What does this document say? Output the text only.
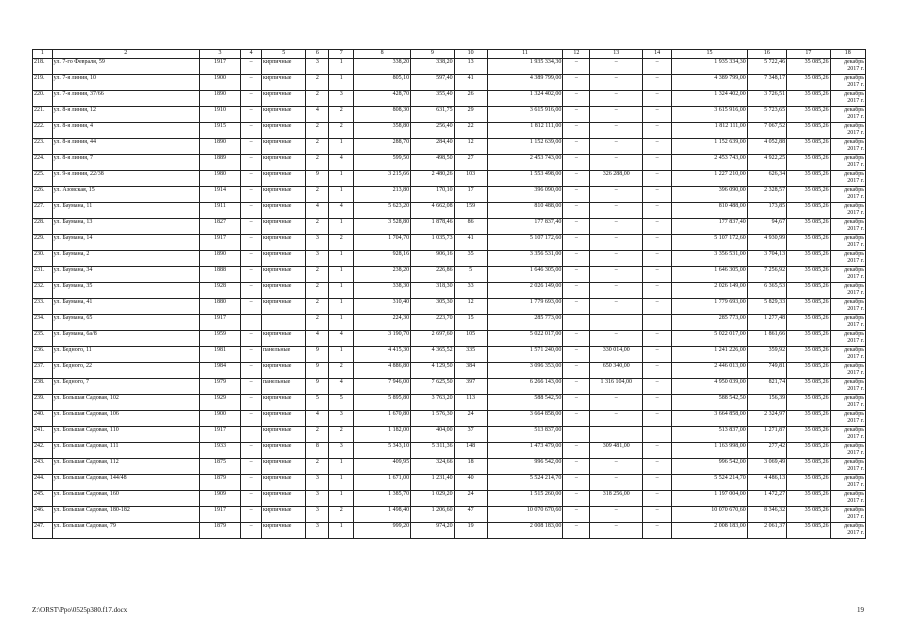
1	2	3	4	5	6	7	8	9	10	11	12	13	14	15	16	17	18
218.	ул. 7-го Февраля, 59	1917	–	кирпичные	3	1	338,20	338,20	13	1 935 334,30	–	–	–	1 935 334,30	5 722,46	35 085,26	декабрь 2017 г.
219.	ул. 7-я линия, 10	1900	–	кирпичные	2	1	805,10	597,40	41	4 389 799,00	–	–	–	4 389 799,00	7 348,17	35 085,26	декабрь 2017 г.
220.	ул. 7-я линия, 37/66	1890	–	кирпичные	2	3	428,70	355,40	26	1 324 402,00	–	–	–	1 324 402,00	3 726,51	35 085,26	декабрь 2017 г.
221.	ул. 8-я линия, 12	1910	–	кирпичные	4	2	808,30	631,75	29	3 615 916,00	–	–	–	3 615 916,00	5 723,65	35 085,26	декабрь 2017 г.
222.	ул. 8-я линия, 4	1915	–	кирпичные	2	2	358,80	256,40	22	1 812 111,00	–	–	–	1 812 111,00	7 067,52	35 085,26	декабрь 2017 г.
223.	ул. 8-я линия, 44	1890	–	кирпичные	2	1	288,70	284,40	12	1 152 639,00	–	–	–	1 152 639,00	4 052,88	35 085,26	декабрь 2017 г.
224.	ул. 8-я линия, 7	1889	–	кирпичные	2	4	599,50	498,50	27	2 453 743,00	–	–	–	2 453 743,00	4 922,25	35 085,26	декабрь 2017 г.
225.	ул. 9-я линия, 22/38	1980	–	кирпичные	9	1	3 215,66	2 480,26	103	1 553 498,00	–	326 288,00	–	1 227 210,00	626,34	35 085,26	декабрь 2017 г.
226.	ул. Азовская, 15	1914	–	кирпичные	2	1	213,80	170,10	17	396 090,00	–	–	–	396 090,00	2 328,57	35 085,26	декабрь 2017 г.
227.	ул. Баумана, 11	1911	–	кирпичные	4	4	5 623,20	4 662,08	159	810 488,00	–	–	–	810 488,00	173,85	35 085,26	декабрь 2017 г.
228.	ул. Баумана, 13	1827	–	кирпичные	2	1	3 528,80	1 878,46	86	177 837,40	–	–	–	177 837,40	94,67	35 085,26	декабрь 2017 г.
229.	ул. Баумана, 14	1917	–	кирпичные	3	2	1 704,70	1 035,73	41	5 107 172,60	–	–	–	5 107 172,60	4 930,99	35 085,26	декабрь 2017 г.
230.	ул. Баумана, 2	1890	–	кирпичные	3	1	928,16	906,16	35	3 356 531,00	–	–	–	3 356 531,00	3 704,13	35 085,26	декабрь 2017 г.
231.	ул. Баумана, 34	1888	–	кирпичные	2	1	238,20	226,86	5	1 646 305,00	–	–	–	1 646 305,00	7 256,92	35 085,26	декабрь 2017 г.
232.	ул. Баумана, 35	1928	–	кирпичные	2	1	338,30	318,30	33	2 026 149,00	–	–	–	2 026 149,00	6 365,53	35 085,26	декабрь 2017 г.
233.	ул. Баумана, 41	1880	–	кирпичные	2	1	310,40	305,30	12	1 779 693,00	–	–	–	1 779 693,00	5 829,33	35 085,26	декабрь 2017 г.
234.	ул. Баумана, 65	1917			2	1	224,30	223,70	15	285 773,00				285 773,00	1 277,48	35 085,26	декабрь 2017 г.
235.	ул. Баумана, 6а/8	1959	–	кирпичные	4	4	3 190,70	2 697,60	105	5 022 017,00	–	–	–	5 022 017,00	1 861,66	35 085,26	декабрь 2017 г.
236.	ул. Бедного, 11	1981	–	панельные	9	1	4 415,30	4 365,52	335	1 571 240,00	–	330 014,00	–	1 241 226,00	359,92	35 085,26	декабрь 2017 г.
237.	ул. Бедного, 22	1984	–	кирпичные	9	2	4 886,80	4 129,50	384	3 096 353,00	–	650 340,00	–	2 446 013,00	749,81	35 085,26	декабрь 2017 г.
238.	ул. Бедного, 7	1979	–	панельные	9	4	7 946,00	7 625,50	397	6 266 143,00	–	1 316 104,00	–	4 950 039,00	821,74	35 085,26	декабрь 2017 г.
239.	ул. Большая Садовая, 102	1929	–	кирпичные	5	5	5 895,80	3 763,20	113	588 542,50	–	–	–	588 542,50	156,39	35 085,26	декабрь 2017 г.
240.	ул. Большая Садовая, 106	1900	–	кирпичные	4	3	1 670,80	1 576,30	24	3 664 858,00	–	–	–	3 664 858,00	2 324,97	35 085,26	декабрь 2017 г.
241.	ул. Большая Садовая, 110	1917		кирпичные	2	2	1 182,00	404,00	37	513 837,00				513 837,00	1 271,87	35 085,26	декабрь 2017 г.
242.	ул. Большая Садовая, 111	1933	–	кирпичные	8	3	5 343,10	5 311,36	148	1 473 479,00	–	309 481,00	–	1 163 998,00	277,42	35 085,26	декабрь 2017 г.
243.	ул. Большая Садовая, 112	1875	–	кирпичные	2	1	409,95	324,66	18	996 542,00	–	–	–	996 542,00	3 069,49	35 085,26	декабрь 2017 г.
244.	ул. Большая Садовая, 144/48	1879	–	кирпичные	3	1	1 671,00	1 231,40	40	5 524 214,70	–	–	–	5 524 214,70	4 486,13	35 085,26	декабрь 2017 г.
245.	ул. Большая Садовая, 160	1909	–	кирпичные	3	1	1 385,70	1 029,20	24	1 515 260,00	–	318 256,00	–	1 197 004,00	1 472,27	35 085,26	декабрь 2017 г.
246.	ул. Большая Садовая, 180-182	1917	–	кирпичные	3	2	1 498,40	1 206,60	47	10 070 670,60	–	–	–	10 070 670,60	8 346,32	35 085,26	декабрь 2017 г.
247.	ул. Большая Садовая, 79	1879	–	кирпичные	3	1	999,20	974,20	19	2 008 183,00	–	–	–	2 008 183,00	2 061,37	35 085,26	декабрь 2017 г.
Z:\ORST\Ppo\0525p380.f17.docx	19
